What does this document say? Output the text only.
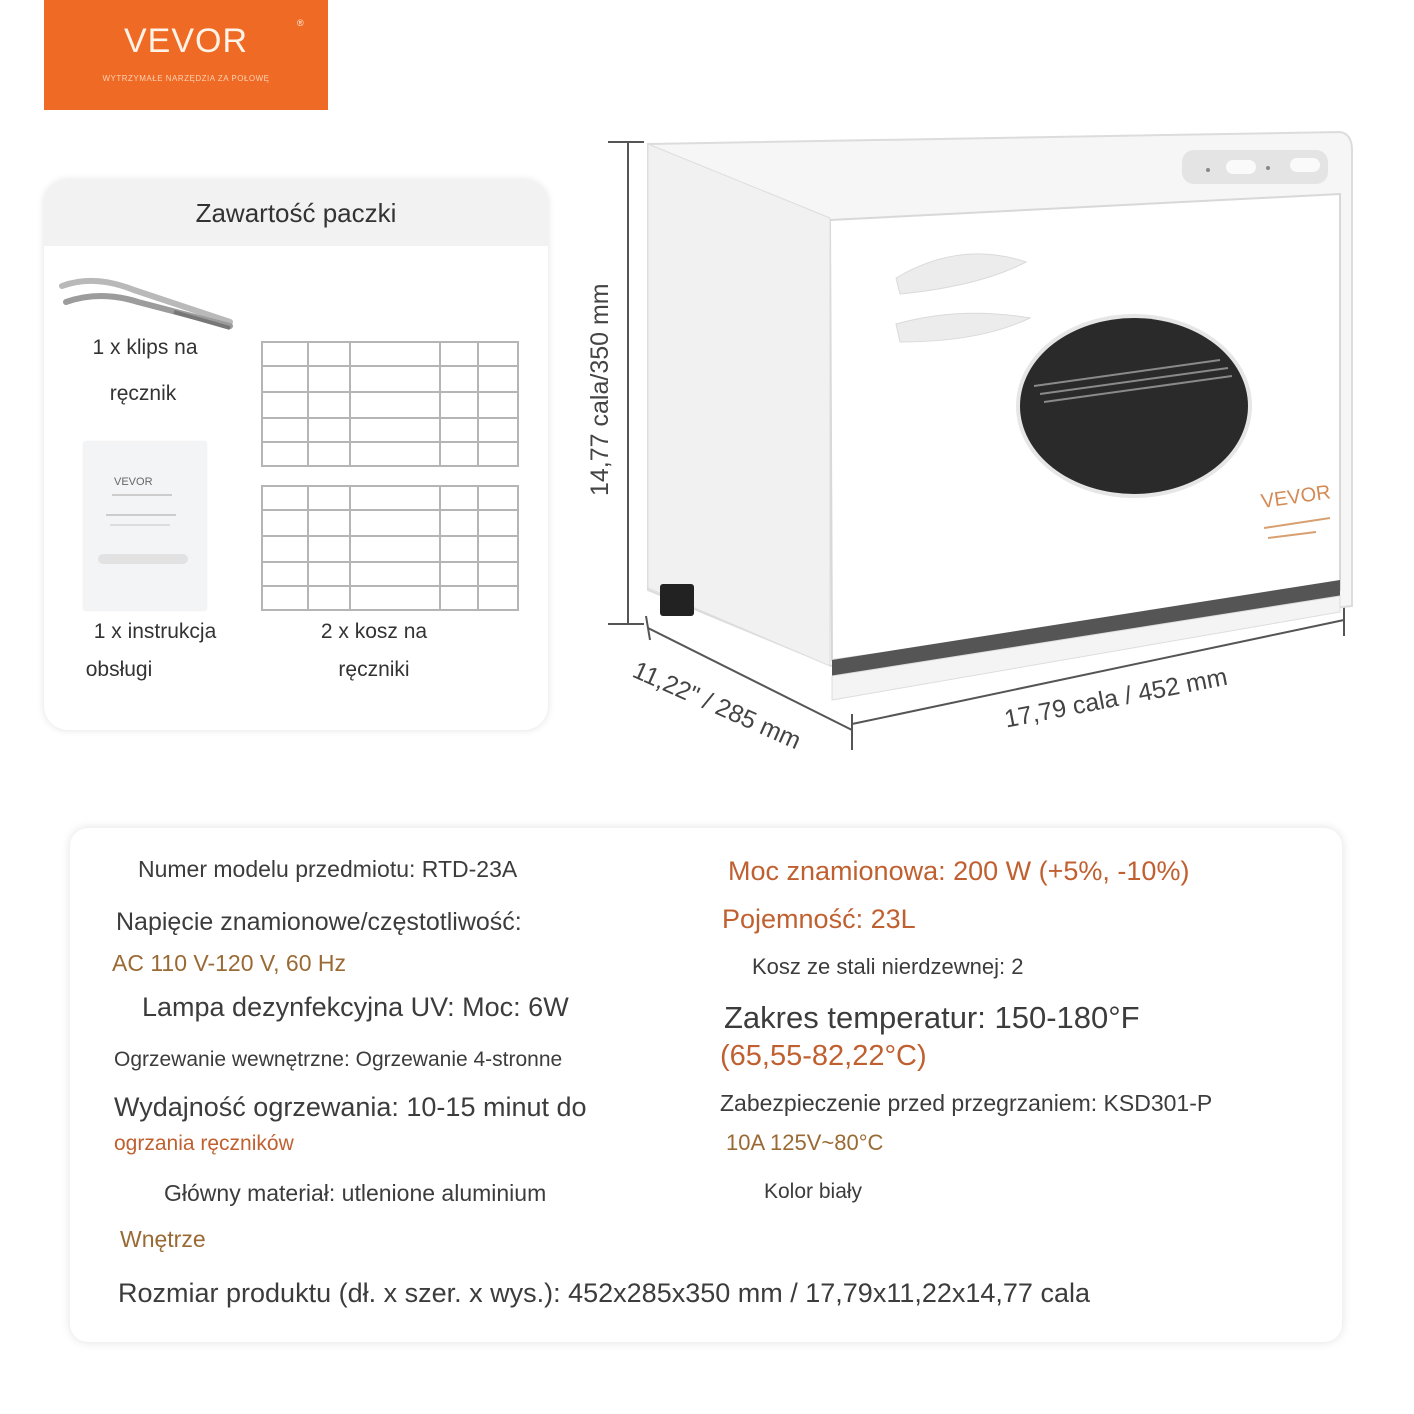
VEVOR
WYTRZYMAŁE NARZĘDZIA ZA POŁOWĘ
®
Zawartość paczki
1 x klips na
ręcznik
VEVOR
1 x instrukcja
obsługi
2 x kosz na
ręczniki
VEVOR
14,77 cala/350 mm
11,22" / 285 mm	17,79 cala / 452 mm
Numer modelu przedmiotu: RTD-23A
Napięcie znamionowe/częstotliwość:
AC 110 V-120 V, 60 Hz
Lampa dezynfekcyjna UV: Moc: 6W
Ogrzewanie wewnętrzne: Ogrzewanie 4-stronne
Wydajność ogrzewania: 10-15 minut do
ogrzania ręczników
Główny materiał: utlenione aluminium
Wnętrze
Moc znamionowa: 200 W (+5%, -10%)
Pojemność: 23L
Kosz ze stali nierdzewnej: 2
Zakres temperatur: 150-180°F
(65,55-82,22°C)
Zabezpieczenie przed przegrzaniem: KSD301-P
10A 125V~80°C
Kolor biały
Rozmiar produktu (dł. x szer. x wys.): 452x285x350 mm / 17,79x11,22x14,77 cala
